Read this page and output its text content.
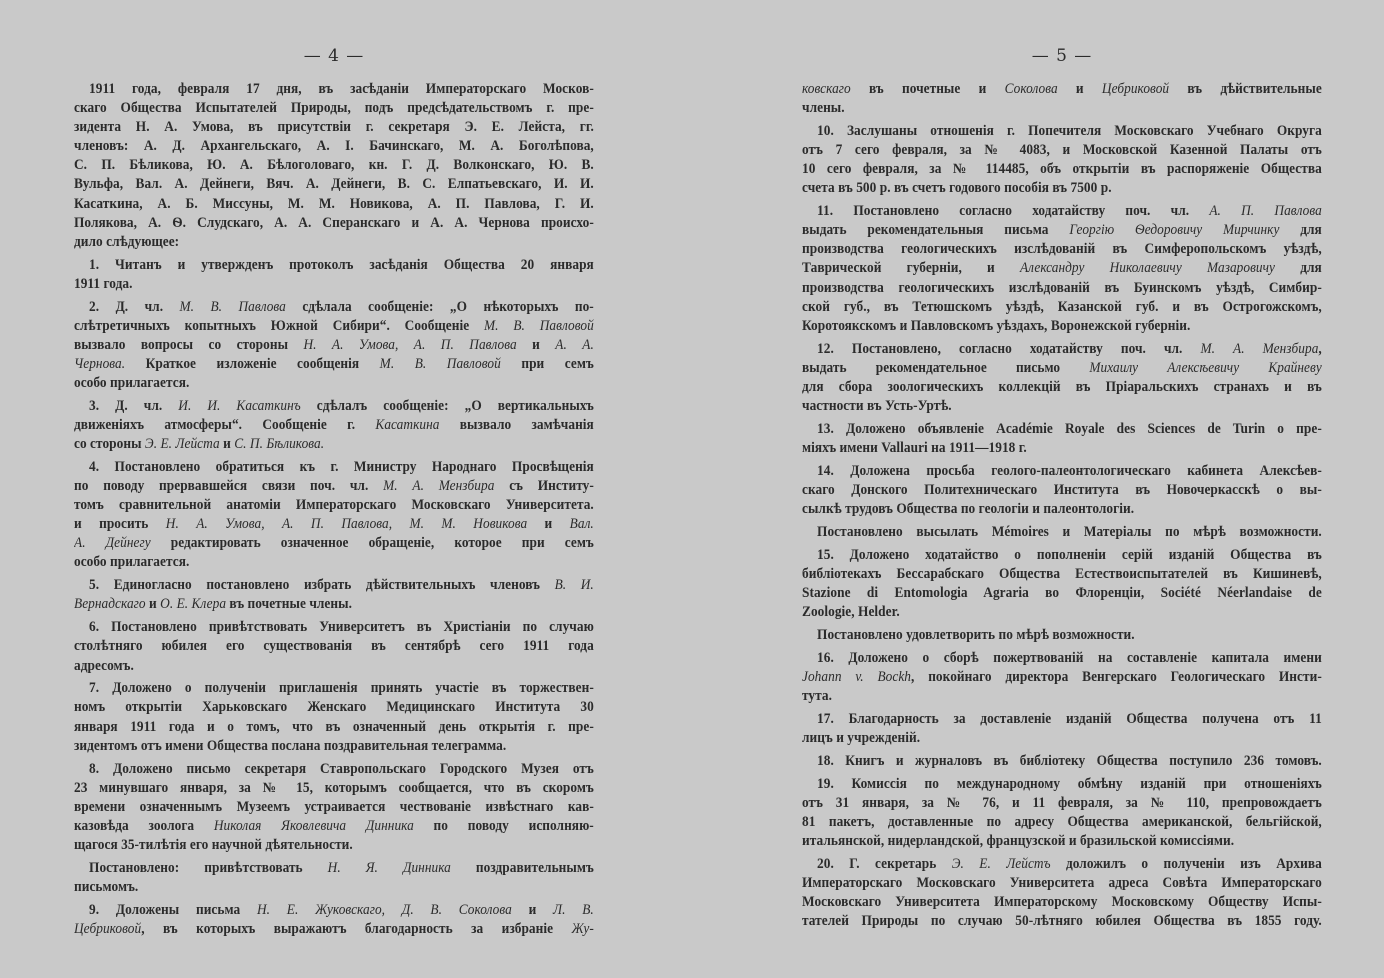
— 4 —
1911 года, февраля 17 дня, въ засѣданіи Императорскаго Москов-
скаго Общества Испытателей Природы, подъ предсѣдательствомъ г. пре-
зидента Н. А. Умова, въ присутствіи г. секретаря Э. Е. Лейста, гг.
членовъ: А. Д. Архангельскаго, А. І. Бачинскаго, М. А. Боголѣпова,
С. П. Бѣликова, Ю. А. Бѣлоголоваго, кн. Г. Д. Волконскаго, Ю. В.
Вульфа, Вал. А. Дейнеги, Вяч. А. Дейнеги, В. С. Елпатьевскаго, И. И.
Касаткина, А. Б. Миссуны, М. М. Новикова, А. П. Павлова, Г. И.
Полякова, А. Ѳ. Слудскаго, А. А. Сперанскаго и А. А. Чернова происхо-
дило слѣдующее:
1. Читанъ и утвержденъ протоколъ засѣданія Общества 20 января
1911 года.
2. Д. чл. М. В. Павлова сдѣлала сообщеніе: „О нѣкоторыхъ по-
слѣтретичныхъ копытныхъ Южной Сибири“. Сообщеніе М. В. Павловой
вызвало вопросы со стороны Н. А. Умова, А. П. Павлова и А. А.
Чернова. Краткое изложеніе сообщенія М. В. Павловой при семъ
особо прилагается.
3. Д. чл. И. И. Касаткинъ сдѣлалъ сообщеніе: „О вертикальныхъ
движеніяхъ атмосферы“. Сообщеніе г. Касаткина вызвало замѣчанія
со стороны Э. Е. Лейста и С. П. Бѣликова.
4. Постановлено обратиться къ г. Министру Народнаго Просвѣщенія
по поводу прервавшейся связи поч. чл. М. А. Мензбира съ Институ-
томъ сравнительной анатоміи Императорскаго Московскаго Университета.
и просить Н. А. Умова, А. П. Павлова, М. М. Новикова и Вал.
А. Дейнегу редактировать означенное обращеніе, которое при семъ
особо прилагается.
5. Единогласно постановлено избрать дѣйствительныхъ членовъ В. И.
Вернадскаго и О. Е. Клера въ почетные члены.
6. Постановлено привѣтствовать Университетъ въ Христіаніи по случаю
столѣтняго юбилея его существованія въ сентябрѣ сего 1911 года
адресомъ.
7. Доложено о полученіи приглашенія принять участіе въ торжествен-
номъ открытіи Харьковскаго Женскаго Медицинскаго Института 30
января 1911 года и о томъ, что въ означенный день открытія г. пре-
зидентомъ отъ имени Общества послана поздравительная телеграмма.
8. Доложено письмо секретаря Ставропольскаго Городского Музея отъ
23 минувшаго января, за № 15, которымъ сообщается, что въ скоромъ
времени означеннымъ Музеемъ устраивается чествованіе извѣстнаго кав-
казовѣда зоолога Николая Яковлевича Динника по поводу исполняю-
щагося 35-тилѣтія его научной дѣятельности.
Постановлено: привѣтствовать Н. Я. Динника поздравительнымъ
письмомъ.
9. Доложены письма Н. Е. Жуковскаго, Д. В. Соколова и Л. В.
Цебриковой, въ которыхъ выражаютъ благодарность за избраніе Жу-
— 5 —
ковскаго въ почетные и Соколова и Цебриковой въ дѣйствительные
члены.
10. Заслушаны отношенія г. Попечителя Московскаго Учебнаго Округа
отъ 7 сего февраля, за № 4083, и Московской Казенной Палаты отъ
10 сего февраля, за № 114485, объ открытіи въ распоряженіе Общества
счета въ 500 р. въ счетъ годового пособія въ 7500 р.
11. Постановлено согласно ходатайству поч. чл. А. П. Павлова
выдать рекомендательныя письма Георгію Ѳедоровичу Мирчинку для
производства геологическихъ изслѣдованій въ Симферопольскомъ уѣздѣ,
Таврической губерніи, и Александру Николаевичу Мазаровичу для
производства геологическихъ изслѣдованій въ Буинскомъ уѣздѣ, Симбир-
ской губ., въ Тетюшскомъ уѣздѣ, Казанской губ. и въ Острогожскомъ,
Коротоякскомъ и Павловскомъ уѣздахъ, Воронежской губерніи.
12. Постановлено, согласно ходатайству поч. чл. М. А. Мензбира,
выдать рекомендательное письмо Михаилу Алексѣевичу Крайневу
для сбора зоологическихъ коллекцій въ Пріаральскихъ странахъ и въ
частности въ Усть-Уртѣ.
13. Доложено объявленіе Académie Royale des Sciences de Turin о пре-
міяхъ имени Vallauri на 1911—1918 г.
14. Доложена просьба геолого-палеонтологическаго кабинета Алексѣев-
скаго Донского Политехническаго Института въ Новочеркасскѣ о вы-
сылкѣ трудовъ Общества по геологіи и палеонтологіи.
Постановлено высылать Mémoires и Матеріалы по мѣрѣ возможности.
15. Доложено ходатайство о пополненіи серій изданій Общества въ
библіотекахъ Бессарабскаго Общества Естествоиспытателей въ Кишиневѣ,
Stazione di Entomologia Agraria во Флоренціи, Société Néerlandaise de
Zoologie, Helder.
Постановлено удовлетворить по мѣрѣ возможности.
16. Доложено о сборѣ пожертвованій на составленіе капитала имени
Johann v. Bockh, покойнаго директора Венгерскаго Геологическаго Инсти-
тута.
17. Благодарность за доставленіе изданій Общества получена отъ 11
лицъ и учрежденій.
18. Книгъ и журналовъ въ библіотеку Общества поступило 236 томовъ.
19. Комиссія по международному обмѣну изданій при отношеніяхъ
отъ 31 января, за № 76, и 11 февраля, за № 110, препровождаетъ
81 пакетъ, доставленные по адресу Общества американской, бельгійской,
итальянской, нидерландской, французской и бразильской комиссіями.
20. Г. секретарь Э. Е. Лейстъ доложилъ о полученіи изъ Архива
Императорскаго Московскаго Университета адреса Совѣта Императорскаго
Московскаго Университета Императорскому Московскому Обществу Испы-
тателей Природы по случаю 50-лѣтняго юбилея Общества въ 1855 году.
